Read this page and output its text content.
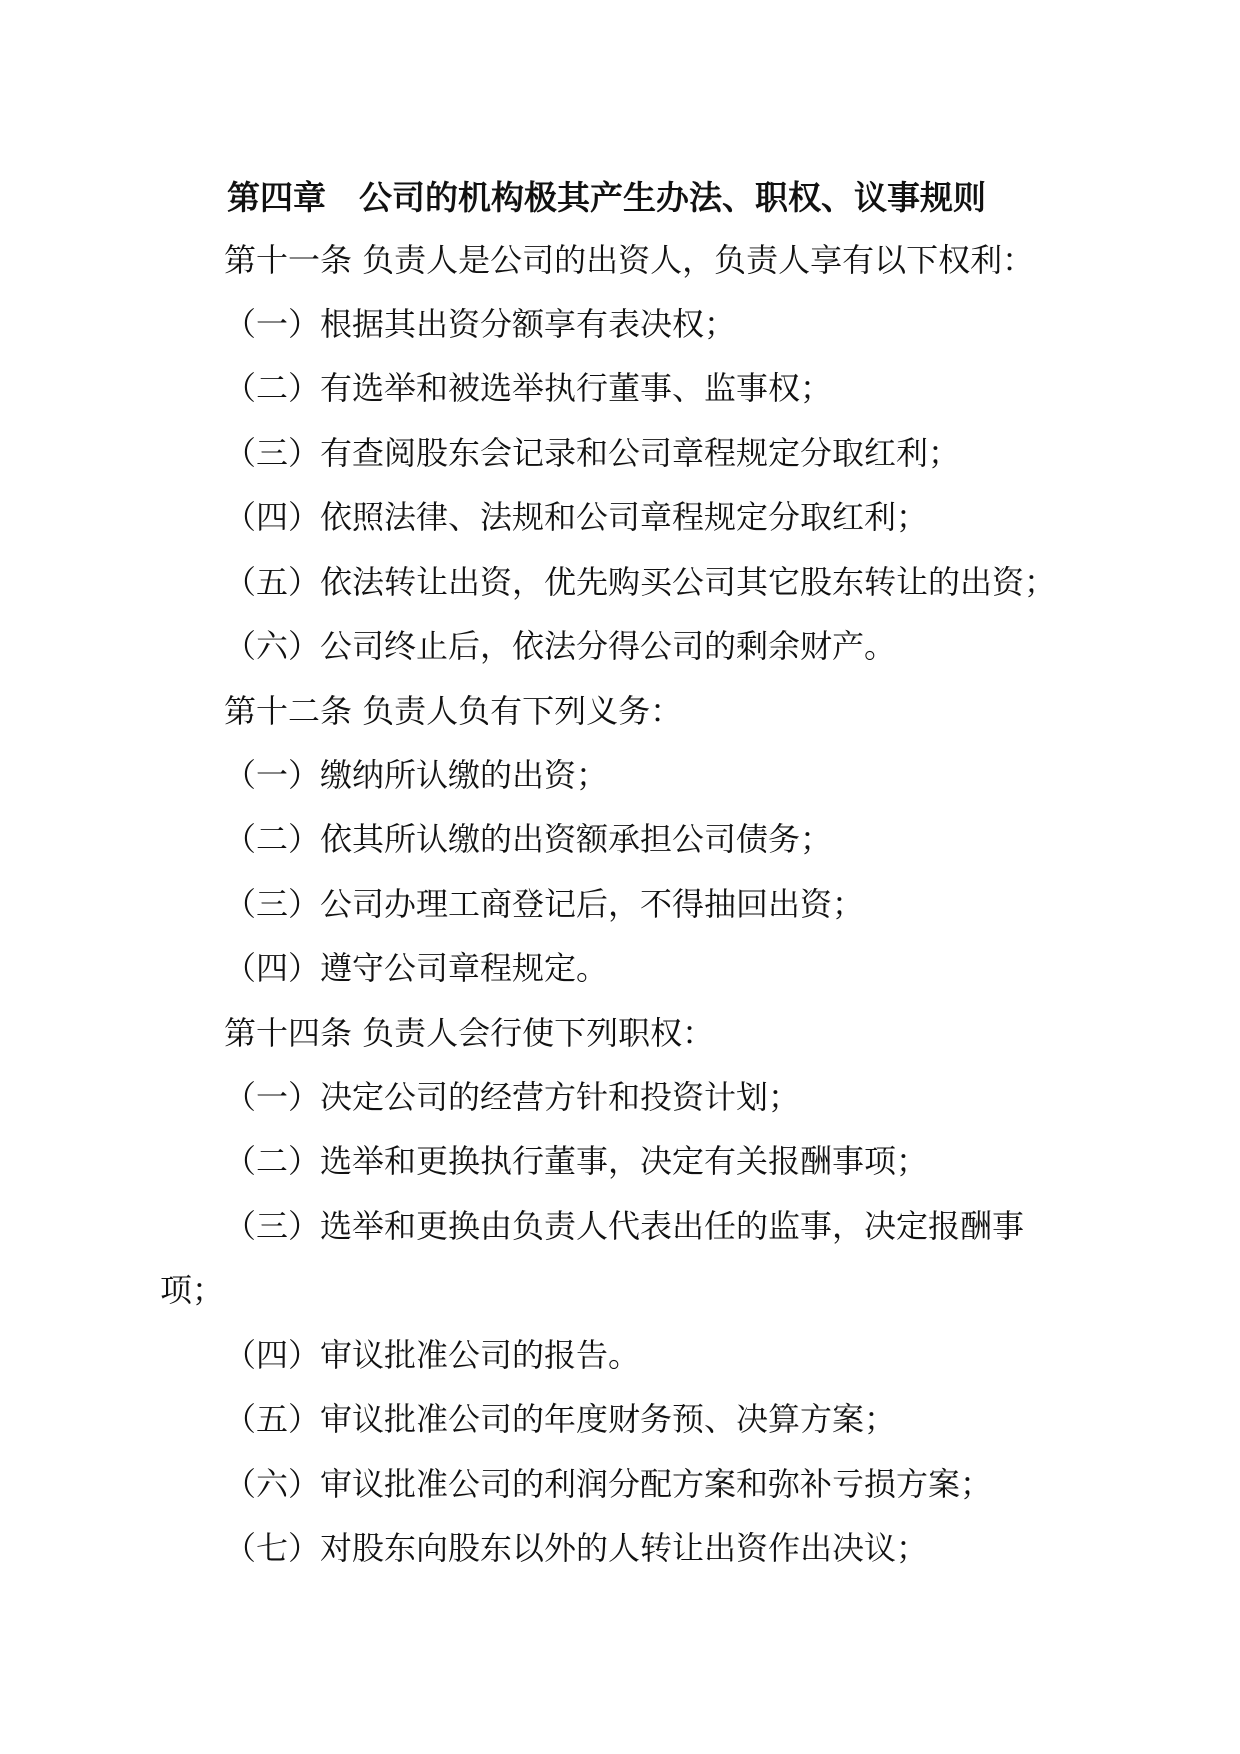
第四章　公司的机构极其产生办法、职权、议事规则
第十一条 负责人是公司的出资人，负责人享有以下权利：
（一）根据其出资分额享有表决权；
（二）有选举和被选举执行董事、监事权；
（三）有查阅股东会记录和公司章程规定分取红利；
（四）依照法律、法规和公司章程规定分取红利；
（五）依法转让出资，优先购买公司其它股东转让的出资；
（六）公司终止后，依法分得公司的剩余财产。
第十二条 负责人负有下列义务：
（一）缴纳所认缴的出资；
（二）依其所认缴的出资额承担公司债务；
（三）公司办理工商登记后，不得抽回出资；
（四）遵守公司章程规定。
第十四条 负责人会行使下列职权：
（一）决定公司的经营方针和投资计划；
（二）选举和更换执行董事，决定有关报酬事项；
（三）选举和更换由负责人代表出任的监事，决定报酬事
项；
（四）审议批准公司的报告。
（五）审议批准公司的年度财务预、决算方案；
（六）审议批准公司的利润分配方案和弥补亏损方案；
（七）对股东向股东以外的人转让出资作出决议；
